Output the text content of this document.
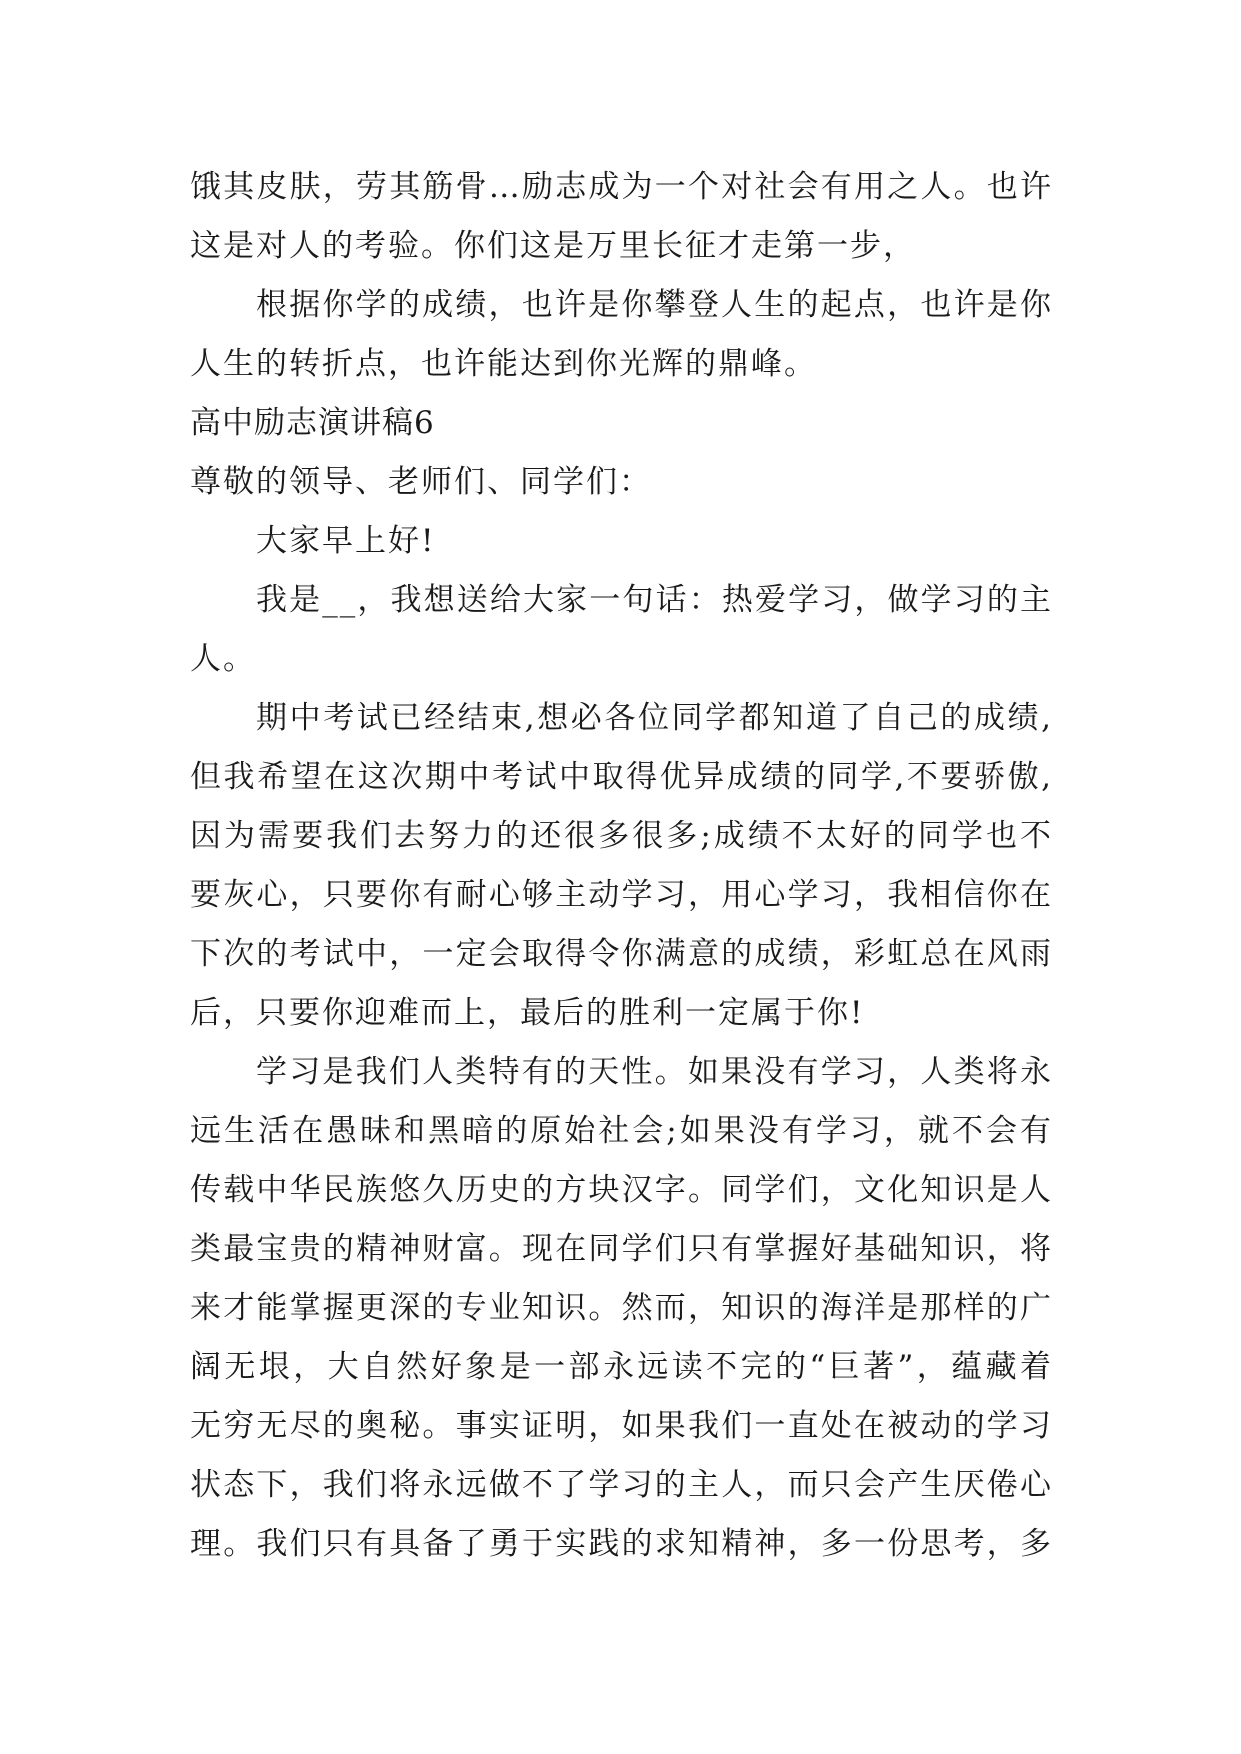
饿其皮肤，劳其筋骨…励志成为一个对社会有用之人。也许
这是对人的考验。你们这是万里长征才走第一步，
根据你学的成绩，也许是你攀登人生的起点，也许是你
人生的转折点，也许能达到你光辉的鼎峰。
高中励志演讲稿6
尊敬的领导、老师们、同学们：
大家早上好!
我是__，我想送给大家一句话：热爱学习，做学习的主
人。
期中考试已经结束,想必各位同学都知道了自己的成绩,
但我希望在这次期中考试中取得优异成绩的同学,不要骄傲,
因为需要我们去努力的还很多很多;成绩不太好的同学也不
要灰心，只要你有耐心够主动学习，用心学习，我相信你在
下次的考试中，一定会取得令你满意的成绩，彩虹总在风雨
后，只要你迎难而上，最后的胜利一定属于你!
学习是我们人类特有的天性。如果没有学习，人类将永
远生活在愚昧和黑暗的原始社会;如果没有学习，就不会有
传载中华民族悠久历史的方块汉字。同学们，文化知识是人
类最宝贵的精神财富。现在同学们只有掌握好基础知识，将
来才能掌握更深的专业知识。然而，知识的海洋是那样的广
阔无垠，大自然好象是一部永远读不完的“巨著”，蕴藏着
无穷无尽的奥秘。事实证明，如果我们一直处在被动的学习
状态下，我们将永远做不了学习的主人，而只会产生厌倦心
理。我们只有具备了勇于实践的求知精神，多一份思考，多
